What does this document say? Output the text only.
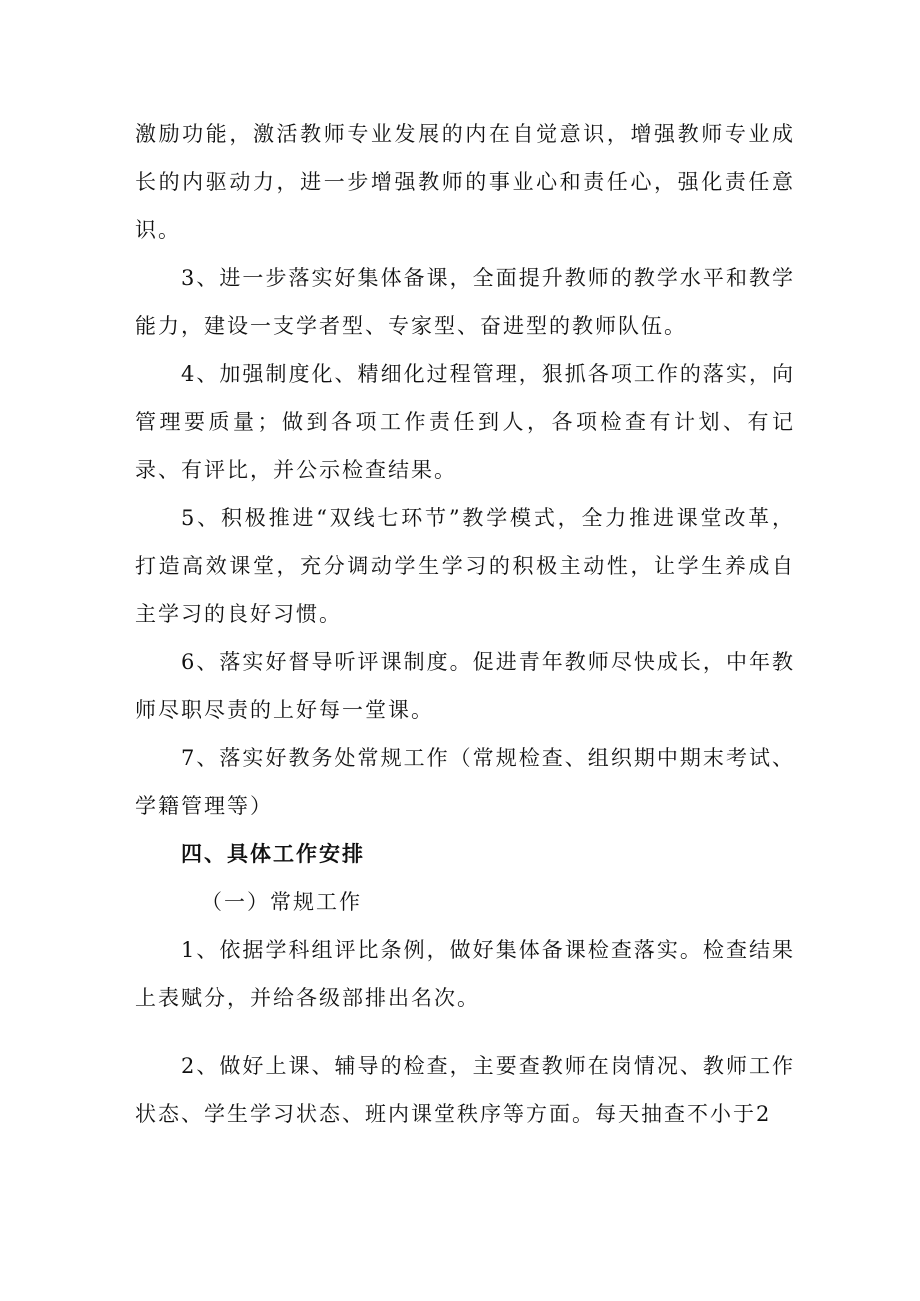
激励功能，激活教师专业发展的内在自觉意识，增强教师专业成长的内驱动力，进一步增强教师的事业心和责任心，强化责任意识。

3、进一步落实好集体备课，全面提升教师的教学水平和教学能力，建设一支学者型、专家型、奋进型的教师队伍。

4、加强制度化、精细化过程管理，狠抓各项工作的落实，向管理要质量；做到各项工作责任到人，各项检查有计划、有记录、有评比，并公示检查结果。

5、积极推进“双线七环节”教学模式，全力推进课堂改革，打造高效课堂，充分调动学生学习的积极主动性，让学生养成自主学习的良好习惯。

6、落实好督导听评课制度。促进青年教师尽快成长，中年教师尽职尽责的上好每一堂课。

7、落实好教务处常规工作（常规检查、组织期中期末考试、学籍管理等）

四、具体工作安排

（一）常规工作

1、依据学科组评比条例，做好集体备课检查落实。检查结果上表赋分，并给各级部排出名次。

2、做好上课、辅导的检查，主要查教师在岗情况、教师工作状态、学生学习状态、班内课堂秩序等方面。每天抽查不小于2
